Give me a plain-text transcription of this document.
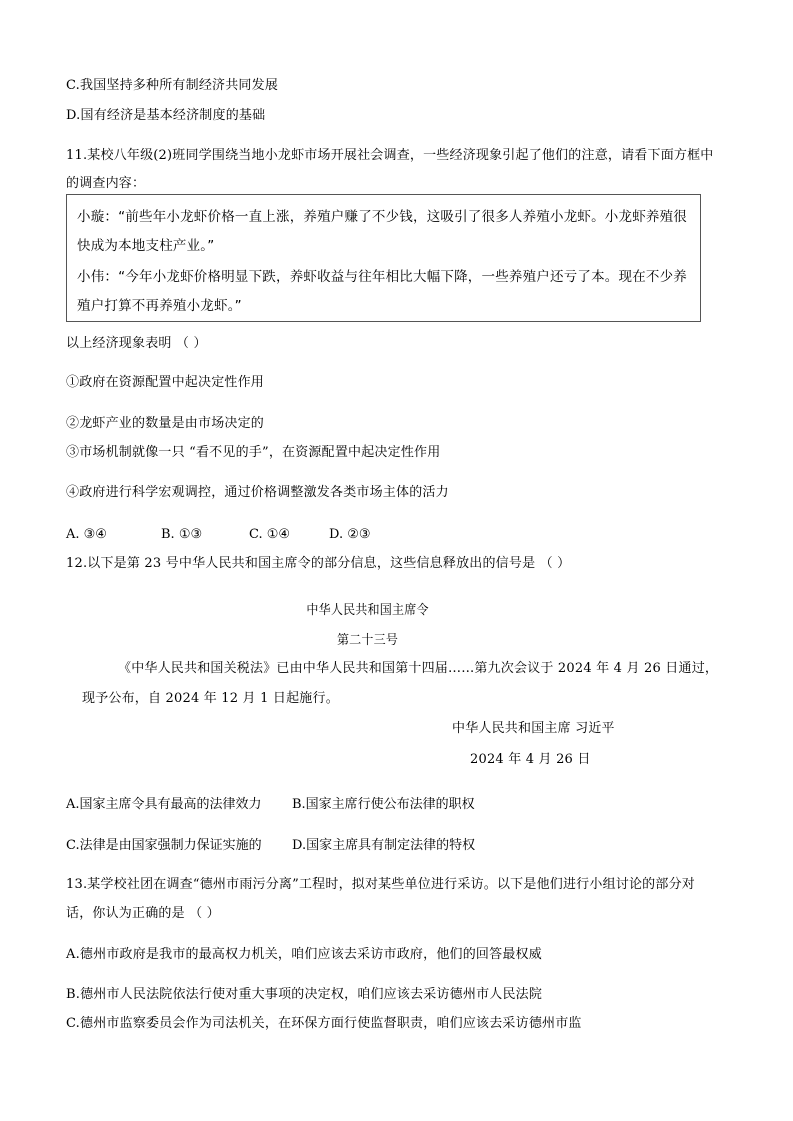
C.我国坚持多种所有制经济共同发展
D.国有经济是基本经济制度的基础
11.某校八年级(2)班同学围绕当地小龙虾市场开展社会调查，一些经济现象引起了他们的注意，请看下面方框中
的调查内容：
小璇：“前些年小龙虾价格一直上涨，养殖户赚了不少钱，这吸引了很多人养殖小龙虾。小龙虾养殖很
快成为本地支柱产业。”
小伟：“今年小龙虾价格明显下跌，养虾收益与往年相比大幅下降，一些养殖户还亏了本。现在不少养
殖户打算不再养殖小龙虾。”
以上经济现象表明 （ ）
①政府在资源配置中起决定性作用
②龙虾产业的数量是由市场决定的
③市场机制就像一只 “看不见的手”，在资源配置中起决定性作用
④政府进行科学宏观调控，通过价格调整激发各类市场主体的活力
A. ③④	B. ①③	C. ①④	D. ②③
12.以下是第 23 号中华人民共和国主席令的部分信息，这些信息释放出的信号是 （ ）
中华人民共和国主席令
第二十三号
《中华人民共和国关税法》已由中华人民共和国第十四届……第九次会议于 2024 年 4 月 26 日通过，
现予公布，自 2024 年 12 月 1 日起施行。
中华人民共和国主席 习近平
2024 年 4 月 26 日
A.国家主席令具有最高的法律效力 B.国家主席行使公布法律的职权
C.法律是由国家强制力保证实施的 D.国家主席具有制定法律的特权
13.某学校社团在调查“德州市雨污分离”工程时，拟对某些单位进行采访。以下是他们进行小组讨论的部分对
话，你认为正确的是 （ ）
A.德州市政府是我市的最高权力机关，咱们应该去采访市政府，他们的回答最权威
B.德州市人民法院依法行使对重大事项的决定权，咱们应该去采访德州市人民法院
C.德州市监察委员会作为司法机关，在环保方面行使监督职责，咱们应该去采访德州市监
